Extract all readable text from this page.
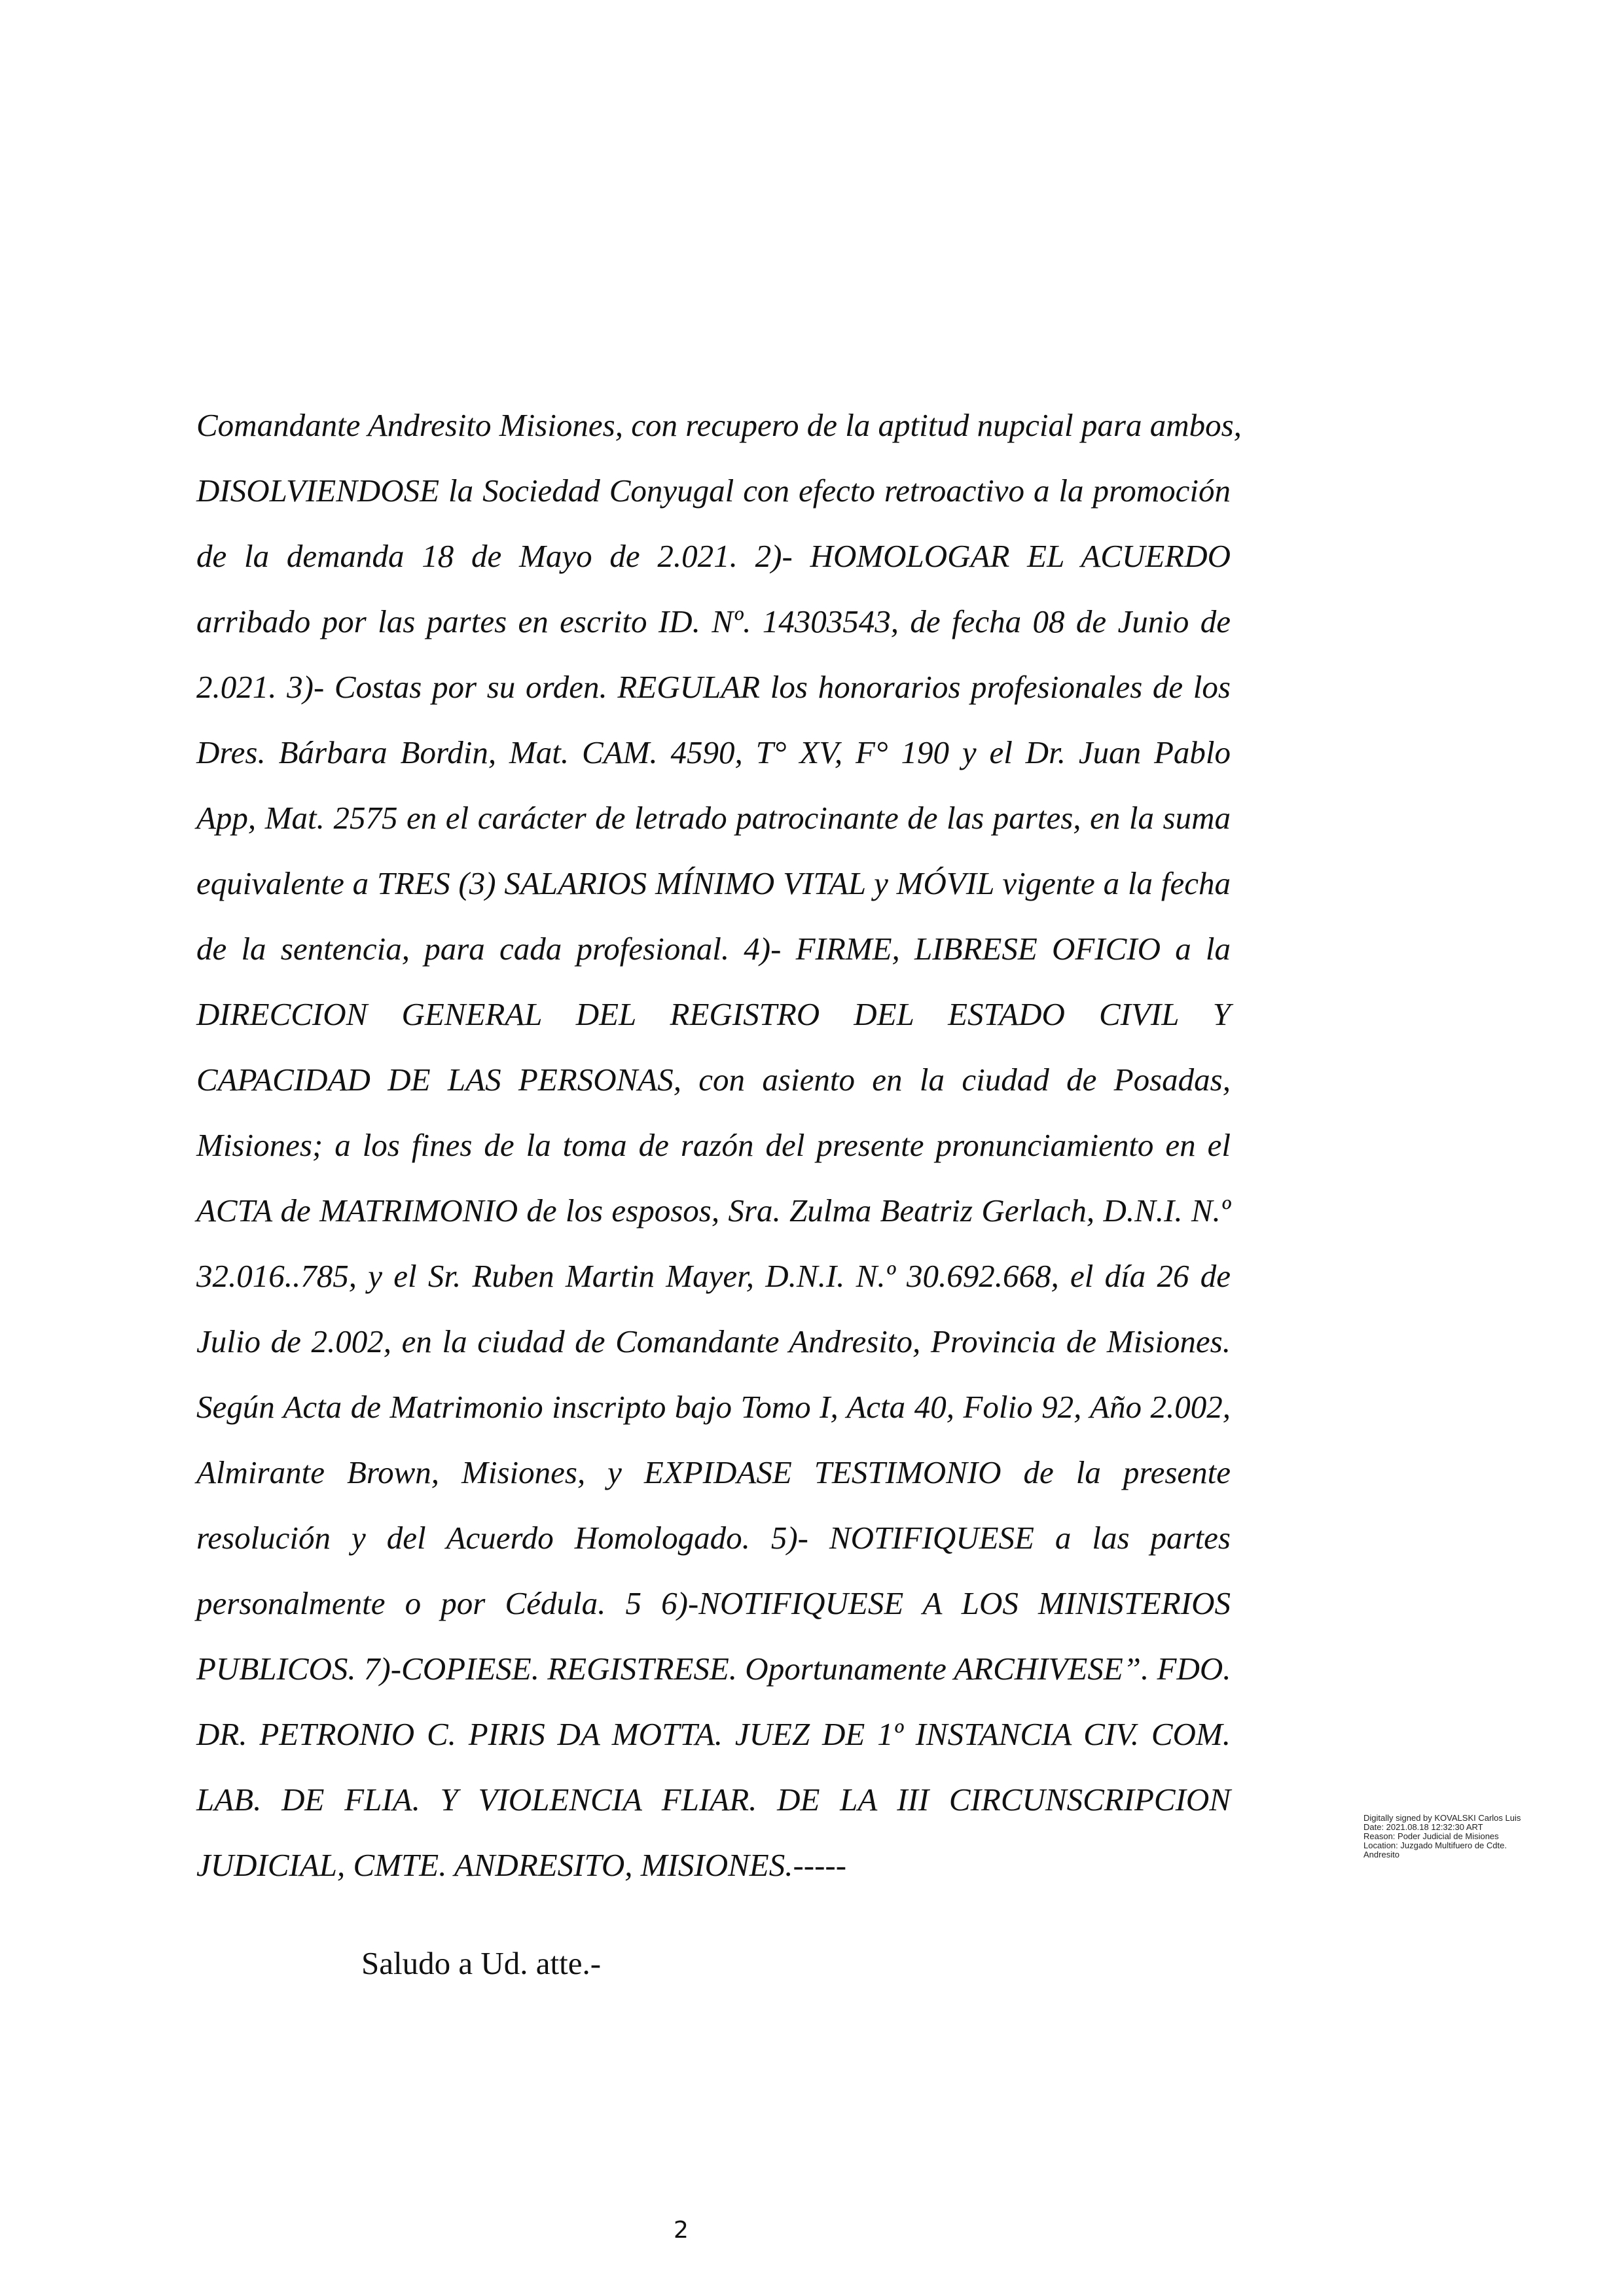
Comandante Andresito Misiones, con recupero de la aptitud nupcial para ambos,
DISOLVIENDOSE la Sociedad Conyugal con efecto retroactivo a la promoción
de la demanda 18 de Mayo de 2.021. 2)- HOMOLOGAR EL ACUERDO
arribado por las partes en escrito ID. Nº. 14303543, de fecha 08 de Junio de
2.021. 3)- Costas por su orden. REGULAR los honorarios profesionales de los
Dres. Bárbara Bordin, Mat. CAM. 4590, T° XV, F° 190 y el Dr. Juan Pablo
App, Mat. 2575 en el carácter de letrado patrocinante de las partes, en la suma
equivalente a TRES (3) SALARIOS MÍNIMO VITAL y MÓVIL vigente a la fecha
de la sentencia, para cada profesional. 4)- FIRME, LIBRESE OFICIO a la
DIRECCION GENERAL DEL REGISTRO DEL ESTADO CIVIL Y
CAPACIDAD DE LAS PERSONAS, con asiento en la ciudad de Posadas,
Misiones; a los fines de la toma de razón del presente pronunciamiento en el
ACTA de MATRIMONIO de los esposos, Sra. Zulma Beatriz Gerlach, D.N.I. N.º
32.016..785, y el Sr. Ruben Martin Mayer, D.N.I. N.º 30.692.668, el día 26 de
Julio de 2.002, en la ciudad de Comandante Andresito, Provincia de Misiones.
Según Acta de Matrimonio inscripto bajo Tomo I, Acta 40, Folio 92, Año 2.002,
Almirante Brown, Misiones, y EXPIDASE TESTIMONIO de la presente
resolución y del Acuerdo Homologado. 5)- NOTIFIQUESE a las partes
personalmente o por Cédula. 5 6)-NOTIFIQUESE A LOS MINISTERIOS
PUBLICOS. 7)-COPIESE. REGISTRESE. Oportunamente ARCHIVESE”. FDO.
DR. PETRONIO C. PIRIS DA MOTTA. JUEZ DE 1º INSTANCIA CIV. COM.
LAB. DE FLIA. Y VIOLENCIA FLIAR. DE LA III CIRCUNSCRIPCION
JUDICIAL, CMTE. ANDRESITO, MISIONES.-----

Saludo a Ud. atte.-

Digitally signed by KOVALSKI Carlos Luis
Date: 2021.08.18 12:32:30 ART
Reason: Poder Judicial de Misiones
Location: Juzgado Multifuero de Cdte.
Andresito
2
